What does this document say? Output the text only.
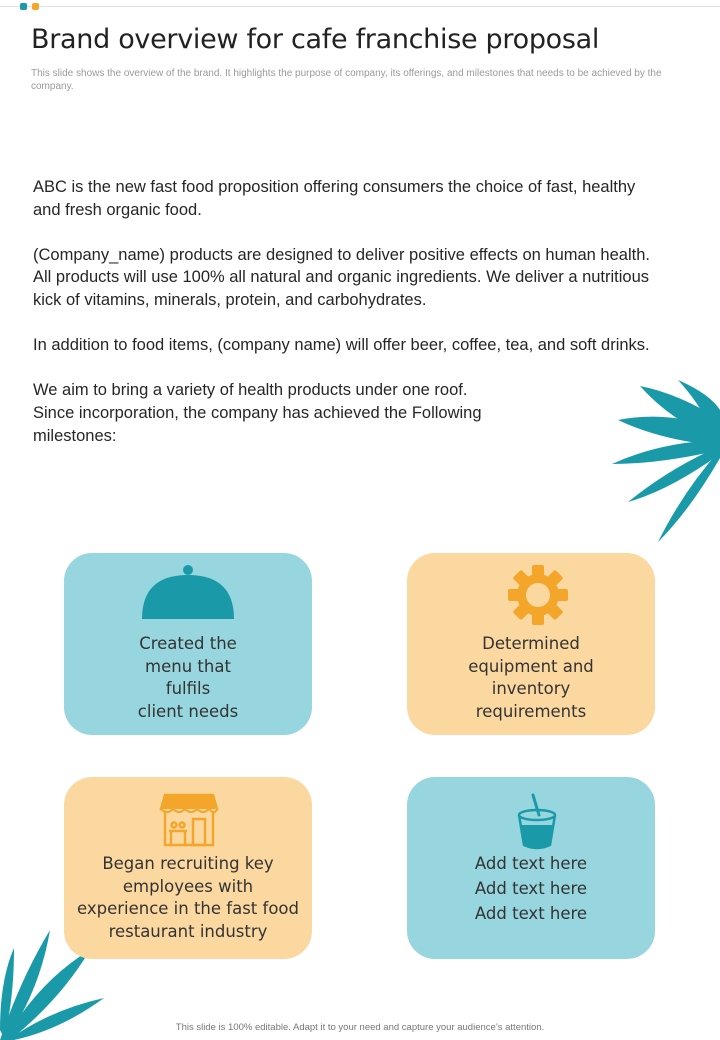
Brand overview for cafe franchise proposal

This slide shows the overview of the brand. It highlights the purpose of company, its offerings, and milestones that needs to be achieved by the company.

ABC is the new fast food proposition offering consumers the choice of fast, healthy and fresh organic food.

(Company_name) products are designed to deliver positive effects on human health. All products will use 100% all natural and organic ingredients. We deliver a nutritious kick of vitamins, minerals, protein, and carbohydrates.

In addition to food items, (company name) will offer beer, coffee, tea, and soft drinks.

We aim to bring a variety of health products under one roof. Since incorporation, the company has achieved the Following milestones:

Created the
menu that
fulfils
client needs
Determined
equipment and
inventory
requirements
Began recruiting key
employees with
experience in the fast food
restaurant industry
Add text here
Add text here
Add text here
This slide is 100% editable. Adapt it to your need and capture your audience’s attention.
